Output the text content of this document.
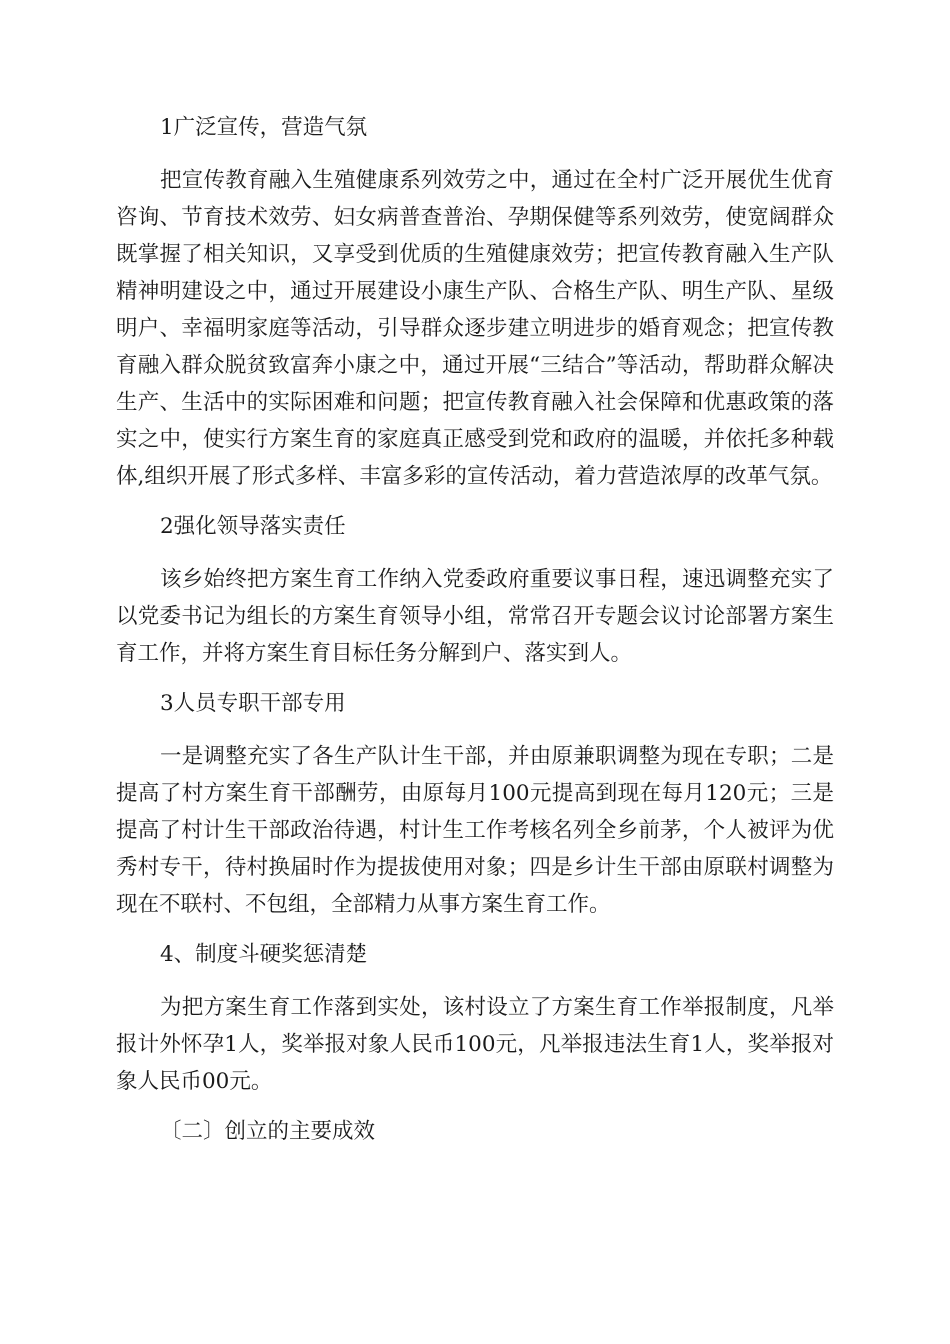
1广泛宣传，营造气氛

把宣传教育融入生殖健康系列效劳之中，通过在全村广泛开展优生优育咨询、节育技术效劳、妇女病普查普治、孕期保健等系列效劳，使宽阔群众既掌握了相关知识，又享受到优质的生殖健康效劳；把宣传教育融入生产队精神明建设之中，通过开展建设小康生产队、合格生产队、明生产队、星级明户、幸福明家庭等活动，引导群众逐步建立明进步的婚育观念；把宣传教育融入群众脱贫致富奔小康之中，通过开展“三结合”等活动，帮助群众解决生产、生活中的实际困难和问题；把宣传教育融入社会保障和优惠政策的落实之中，使实行方案生育的家庭真正感受到党和政府的温暖，并依托多种载体,组织开展了形式多样、丰富多彩的宣传活动，着力营造浓厚的改革气氛。

2强化领导落实责任

该乡始终把方案生育工作纳入党委政府重要议事日程，速迅调整充实了以党委书记为组长的方案生育领导小组，常常召开专题会议讨论部署方案生育工作，并将方案生育目标任务分解到户、落实到人。

3人员专职干部专用

一是调整充实了各生产队计生干部，并由原兼职调整为现在专职；二是提高了村方案生育干部酬劳，由原每月100元提高到现在每月120元；三是提高了村计生干部政治待遇，村计生工作考核名列全乡前茅，个人被评为优秀村专干，待村换届时作为提拔使用对象；四是乡计生干部由原联村调整为现在不联村、不包组，全部精力从事方案生育工作。

4、制度斗硬奖惩清楚

为把方案生育工作落到实处，该村设立了方案生育工作举报制度，凡举报计外怀孕1人，奖举报对象人民币100元，凡举报违法生育1人，奖举报对象人民币00元。

〔二〕创立的主要成效
